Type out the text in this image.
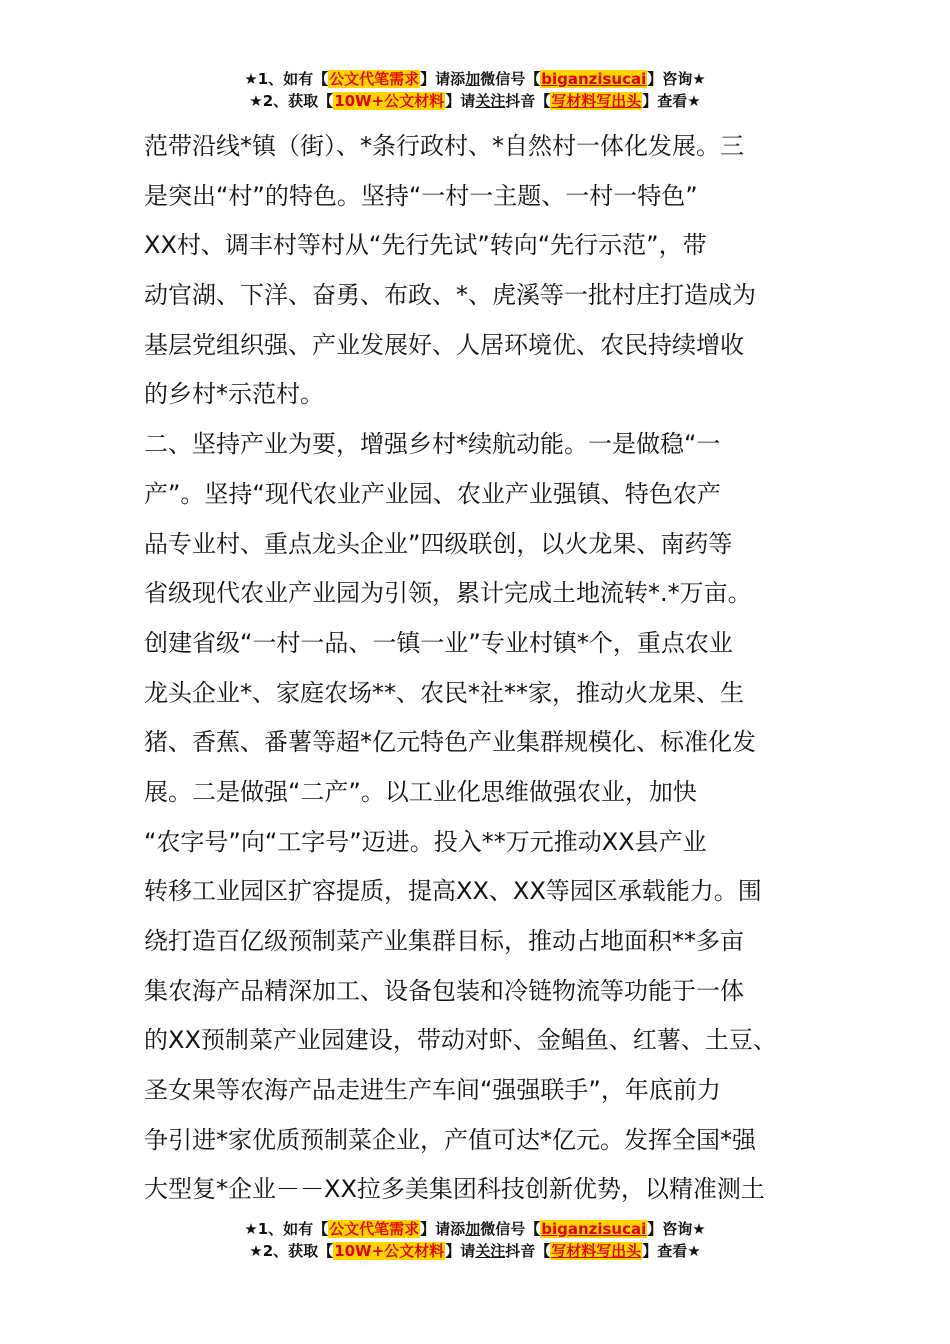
★1、如有【公文代笔需求】请添加微信号【biganzisucai】咨询★
★2、获取【10W+公文材料】请关注抖音【写材料写出头】查看★
范带沿线*镇（街）、*条行政村、*自然村一体化发展。三
是突出“村”的特色。坚持“一村一主题、一村一特色”
XX村、调丰村等村从“先行先试”转向“先行示范”，带
动官湖、下洋、奋勇、布政、*、虎溪等一批村庄打造成为
基层党组织强、产业发展好、人居环境优、农民持续增收
的乡村*示范村。
二、坚持产业为要，增强乡村*续航动能。一是做稳“一
产”。坚持“现代农业产业园、农业产业强镇、特色农产
品专业村、重点龙头企业”四级联创，以火龙果、南药等
省级现代农业产业园为引领，累计完成土地流转*.*万亩。
创建省级“一村一品、一镇一业”专业村镇*个，重点农业
龙头企业*、家庭农场**、农民*社**家，推动火龙果、生
猪、香蕉、番薯等超*亿元特色产业集群规模化、标准化发
展。二是做强“二产”。以工业化思维做强农业，加快
“农字号”向“工字号”迈进。投入**万元推动XX县产业
转移工业园区扩容提质，提高XX、XX等园区承载能力。围
绕打造百亿级预制菜产业集群目标，推动占地面积**多亩
集农海产品精深加工、设备包装和冷链物流等功能于一体
的XX预制菜产业园建设，带动对虾、金鲳鱼、红薯、土豆、
圣女果等农海产品走进生产车间“强强联手”，年底前力
争引进*家优质预制菜企业，产值可达*亿元。发挥全国*强
大型复*企业－－XX拉多美集团科技创新优势，以精准测土
★1、如有【公文代笔需求】请添加微信号【biganzisucai】咨询★
★2、获取【10W+公文材料】请关注抖音【写材料写出头】查看★
